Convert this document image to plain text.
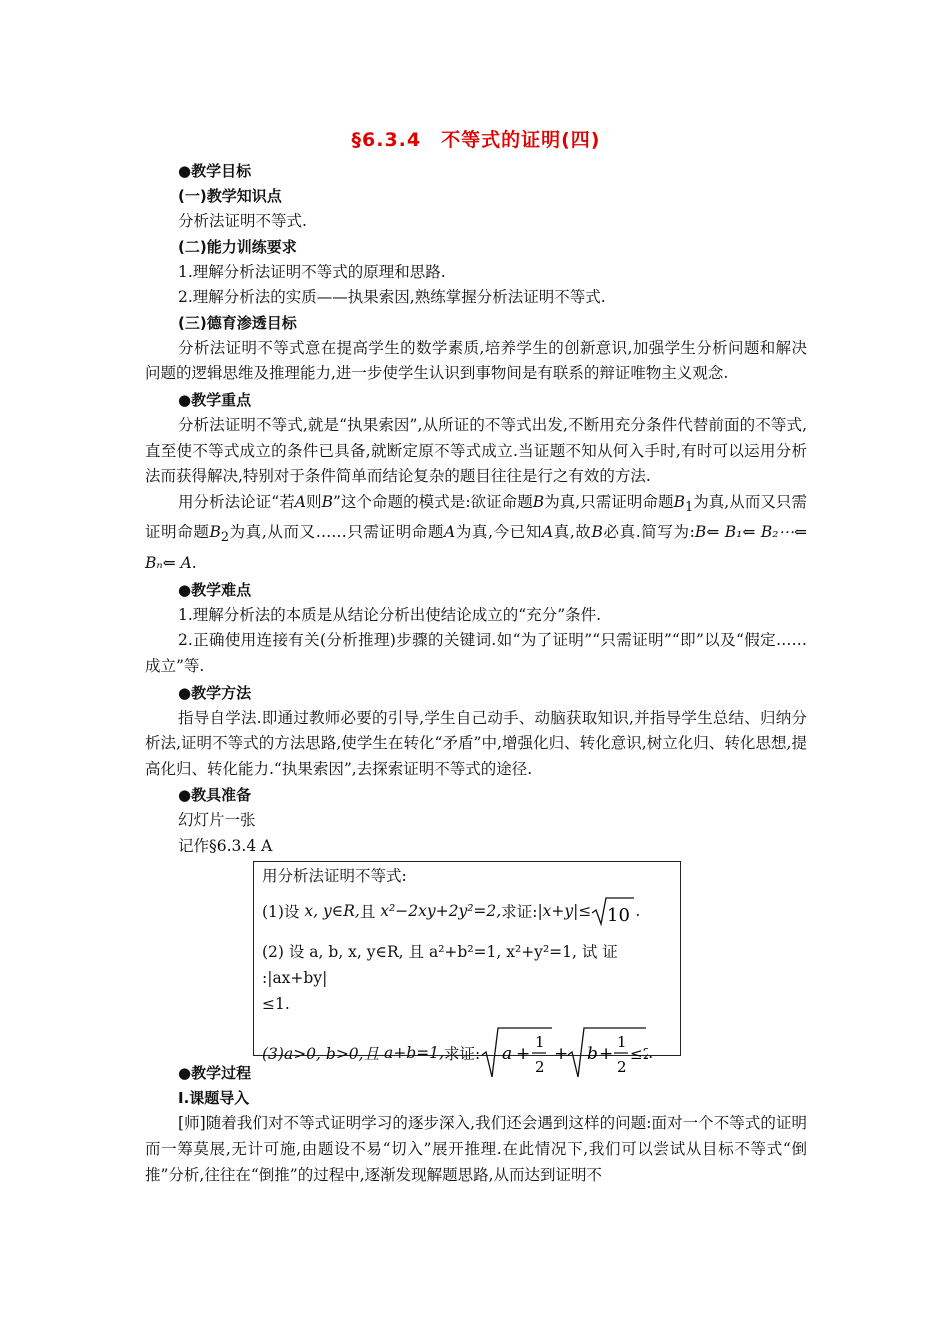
§6.3.4　不等式的证明(四)
●教学目标
(一)教学知识点
分析法证明不等式.
(二)能力训练要求
1.理解分析法证明不等式的原理和思路.
2.理解分析法的实质——执果索因,熟练掌握分析法证明不等式.
(三)德育渗透目标
分析法证明不等式意在提高学生的数学素质,培养学生的创新意识,加强学生分析问题和解决问题的逻辑思维及推理能力,进一步使学生认识到事物间是有联系的辩证唯物主义观念.
●教学重点
分析法证明不等式,就是“执果索因”,从所证的不等式出发,不断用充分条件代替前面的不等式,直至使不等式成立的条件已具备,就断定原不等式成立.当证题不知从何入手时,有时可以运用分析法而获得解决,特别对于条件简单而结论复杂的题目往往是行之有效的方法.
用分析法论证“若A则B”这个命题的模式是:欲证命题B为真,只需证明命题$B_1$为真,从而又只需证明命题$B_2$为真,从而又……只需证明命题A为真,今已知A真,故B必真.简写为:B⇐ B₁⇐ B₂⋯⇐ Bₙ⇐ A.
●教学难点
1.理解分析法的本质是从结论分析出使结论成立的“充分”条件.
2.正确使用连接有关(分析推理)步骤的关键词.如“为了证明”“只需证明”“即”以及“假定……成立”等.
●教学方法
指导自学法.即通过教师必要的引导,学生自己动手、动脑获取知识,并指导学生总结、归纳分析法,证明不等式的方法思路,使学生在转化“矛盾”中,增强化归、转化意识,树立化归、转化思想,提高化归、转化能力.“执果索因”,去探索证明不等式的途径.
●教具准备
幻灯片一张
记作§6.3.4 A
用分析法证明不等式:
(1)设
x, y∈R, 且
x²−2xy+2y²=2, 求证: |x+y|≤ 10 .
(2) 设 a, b, x, y∈R, 且 a²+b²=1, x²+y²=1, 试 证 :|ax+by|
≤1.
(3)a>0, b>0,且
a+b=1, 求证: a +
1
2
+ b +
1
2
≤2
.
●教学过程
Ⅰ.课题导入
[师]随着我们对不等式证明学习的逐步深入,我们还会遇到这样的问题:面对一个不等式的证明而一筹莫展,无计可施,由题设不易“切入”展开推理.在此情况下,我们可以尝试从目标不等式“倒推”分析,往往在“倒推”的过程中,逐渐发现解题思路,从而达到证明不
